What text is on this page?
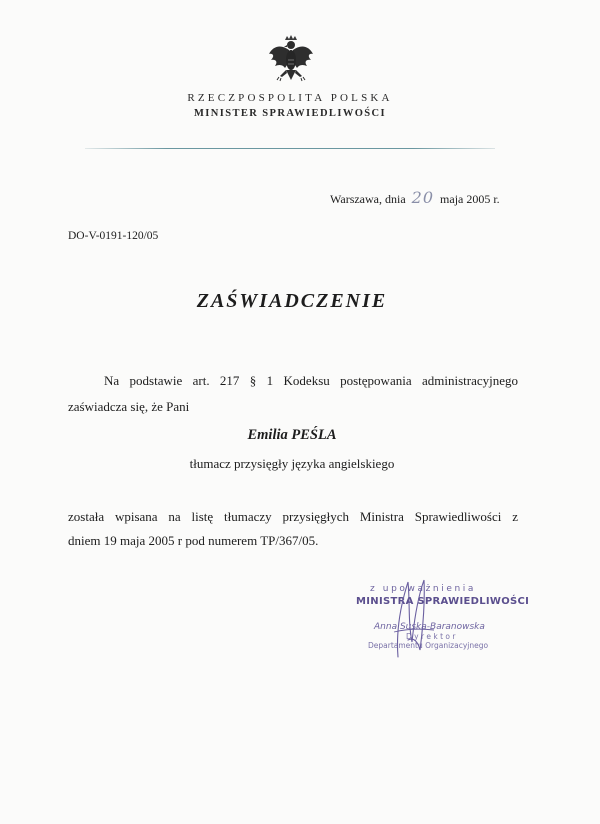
RZECZPOSPOLITA POLSKA
MINISTER SPRAWIEDLIWOŚCI
Warszawa, dnia 20 maja 2005 r.
DO-V-0191-120/05
ZAŚWIADCZENIE
Na podstawie art. 217 § 1 Kodeksu postępowania administracyjnego
zaświadcza się, że Pani
Emilia PEŚLA
tłumacz przysięgły języka angielskiego
została wpisana na listę tłumaczy przysięgłych Ministra Sprawiedliwości z
dniem 19 maja 2005 r pod numerem TP/367/05.
z upoważnienia
MINISTRA SPRAWIEDLIWOŚCI
Anna Suska-Baranowska
Dyrektor
Departamentu Organizacyjnego
